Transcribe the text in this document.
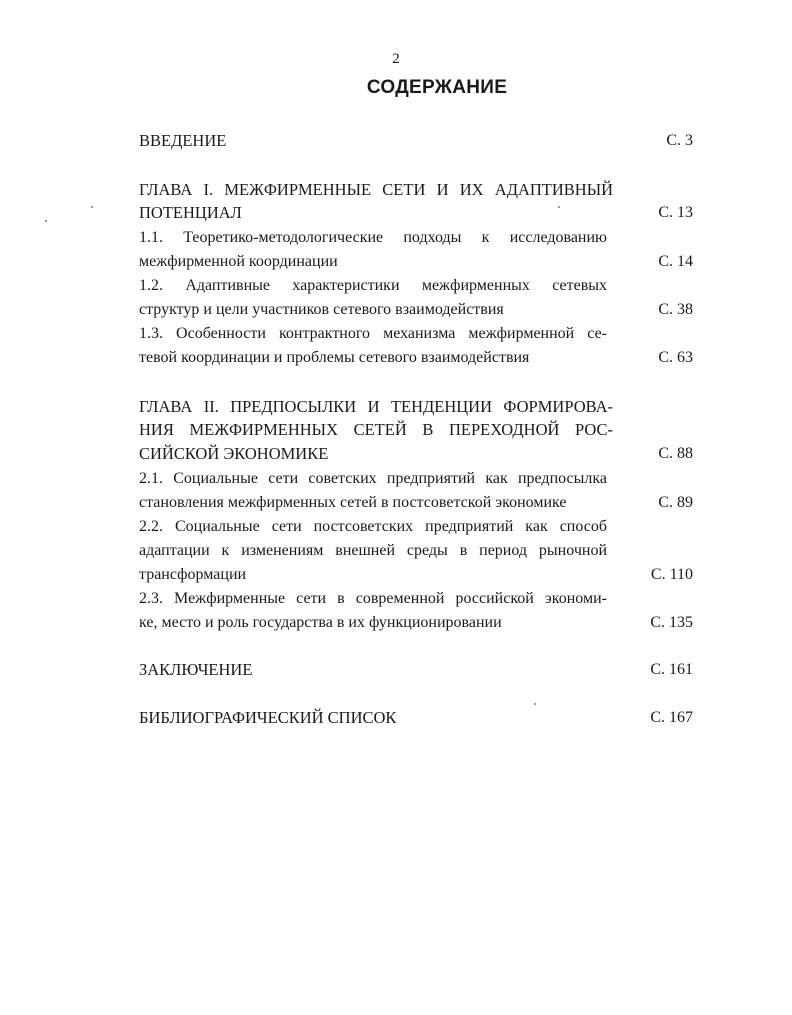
2
СОДЕРЖАНИЕ
ВВЕДЕНИЕ	С. 3
ГЛАВА I. МЕЖФИРМЕННЫЕ СЕТИ И ИХ АДАПТИВНЫЙ
ПОТЕНЦИАЛ	С. 13
1.1. Теоретико-методологические подходы к исследованию
межфирменной координации	С. 14
1.2. Адаптивные характеристики межфирменных сетевых
структур и цели участников сетевого взаимодействия	С. 38
1.3. Особенности контрактного механизма межфирменной се-
тевой координации и проблемы сетевого взаимодействия	С. 63
ГЛАВА II. ПРЕДПОСЫЛКИ И ТЕНДЕНЦИИ ФОРМИРОВА-
НИЯ МЕЖФИРМЕННЫХ СЕТЕЙ В ПЕРЕХОДНОЙ РОС-
СИЙСКОЙ ЭКОНОМИКЕ	С. 88
2.1. Социальные сети советских предприятий как предпосылка
становления межфирменных сетей в постсоветской экономике	С. 89
2.2. Социальные сети постсоветских предприятий как способ
адаптации к изменениям внешней среды в период рыночной
трансформации	С. 110
2.3. Межфирменные сети в современной российской экономи-
ке, место и роль государства в их функционировании	С. 135
ЗАКЛЮЧЕНИЕ	С. 161
БИБЛИОГРАФИЧЕСКИЙ СПИСОК	С. 167
